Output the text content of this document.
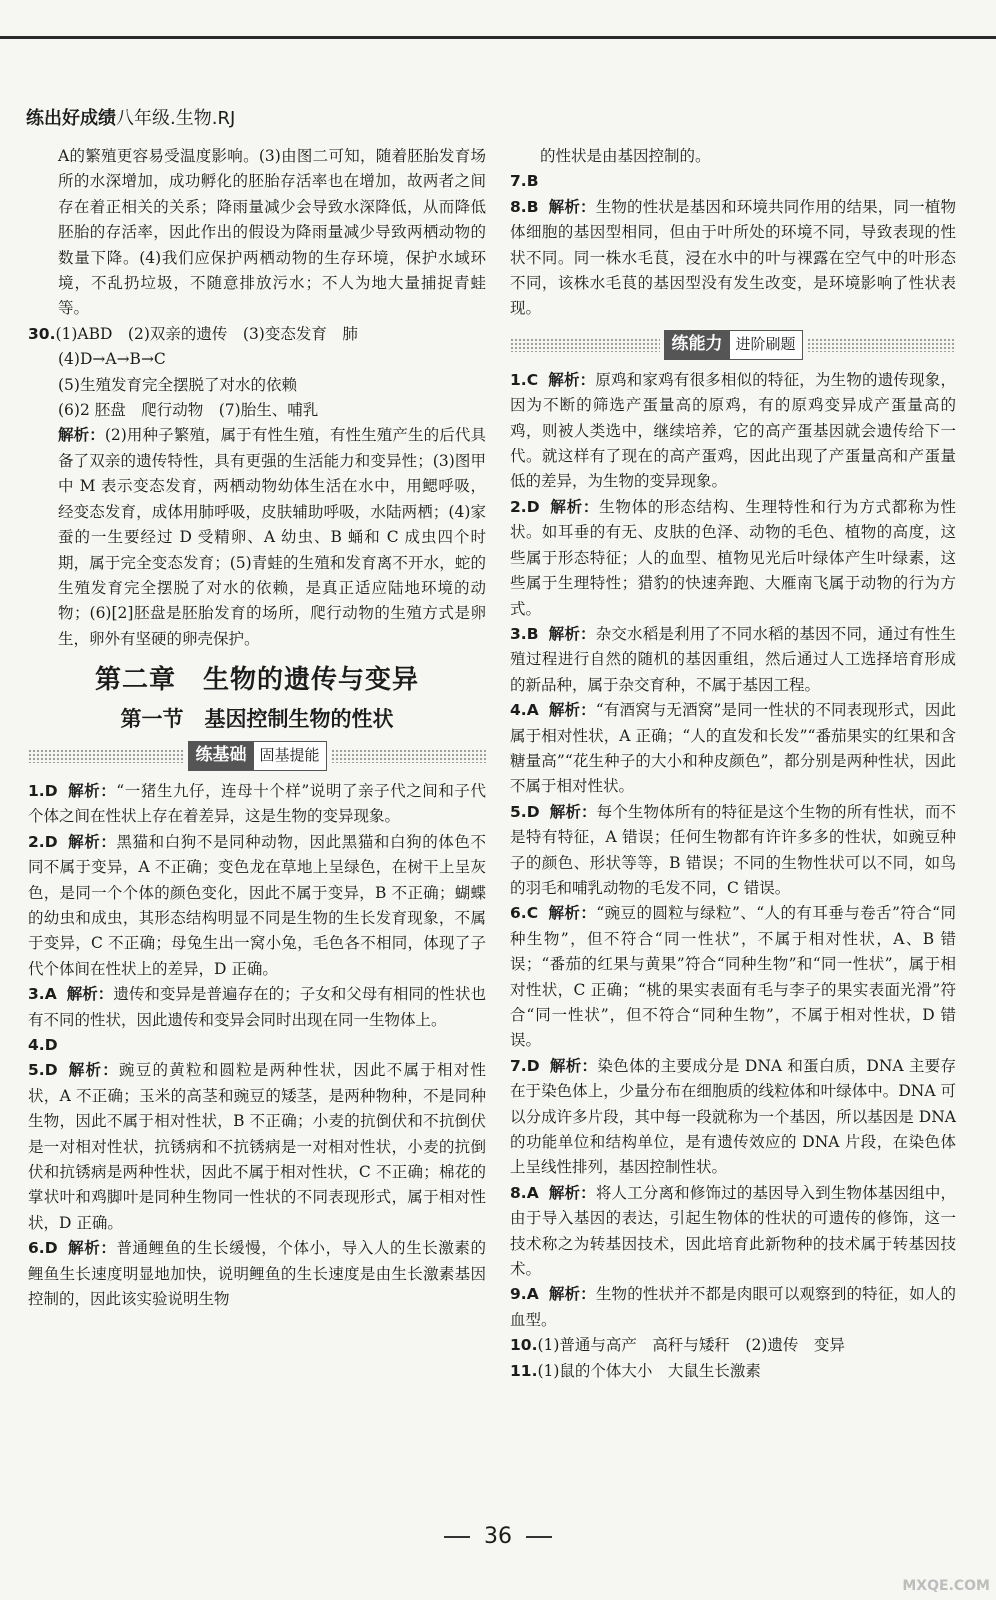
练出好成绩八年级.生物.RJ

A的繁殖更容易受温度影响。(3)由图二可知，随着胚胎发育场所的水深增加，成功孵化的胚胎存活率也在增加，故两者之间存在着正相关的关系；降雨量减少会导致水深降低，从而降低胚胎的存活率，因此作出的假设为降雨量减少导致两栖动物的数量下降。(4)我们应保护两栖动物的生存环境，保护水域环境，不乱扔垃圾，不随意排放污水；不人为地大量捕捉青蛙等。

30.(1)ABD　(2)双亲的遗传　(3)变态发育　肺

(4)D→A→B→C

(5)生殖发育完全摆脱了对水的依赖

(6)2 胚盘　爬行动物　(7)胎生、哺乳

解析：(2)用种子繁殖，属于有性生殖，有性生殖产生的后代具备了双亲的遗传特性，具有更强的生活能力和变异性；(3)图甲中 M 表示变态发育，两栖动物幼体生活在水中，用鳃呼吸，经变态发育，成体用肺呼吸，皮肤辅助呼吸，水陆两栖；(4)家蚕的一生要经过 D 受精卵、A 幼虫、B 蛹和 C 成虫四个时期，属于完全变态发育；(5)青蛙的生殖和发育离不开水，蛇的生殖发育完全摆脱了对水的依赖，是真正适应陆地环境的动物；(6)[2]胚盘是胚胎发育的场所，爬行动物的生殖方式是卵生，卵外有坚硬的卵壳保护。

第二章　生物的遗传与变异
第一节　基因控制生物的性状
练基础 固基提能

1.D 解析：“一猪生九仔，连母十个样”说明了亲子代之间和子代个体之间在性状上存在着差异，这是生物的变异现象。

2.D 解析：黑猫和白狗不是同种动物，因此黑猫和白狗的体色不同不属于变异，A 不正确；变色龙在草地上呈绿色，在树干上呈灰色，是同一个个体的颜色变化，因此不属于变异，B 不正确；蝴蝶的幼虫和成虫，其形态结构明显不同是生物的生长发育现象，不属于变异，C 不正确；母兔生出一窝小兔，毛色各不相同，体现了子代个体间在性状上的差异，D 正确。

3.A 解析：遗传和变异是普遍存在的；子女和父母有相同的性状也有不同的性状，因此遗传和变异会同时出现在同一生物体上。

4.D

5.D 解析：豌豆的黄粒和圆粒是两种性状，因此不属于相对性状，A 不正确；玉米的高茎和豌豆的矮茎，是两种物种，不是同种生物，因此不属于相对性状，B 不正确；小麦的抗倒伏和不抗倒伏是一对相对性状，抗锈病和不抗锈病是一对相对性状，小麦的抗倒伏和抗锈病是两种性状，因此不属于相对性状，C 不正确；棉花的掌状叶和鸡脚叶是同种生物同一性状的不同表现形式，属于相对性状，D 正确。

6.D 解析：普通鲤鱼的生长缓慢，个体小，导入人的生长激素的鲤鱼生长速度明显地加快，说明鲤鱼的生长速度是由生长激素基因控制的，因此该实验说明生物

的性状是由基因控制的。

7.B

8.B 解析：生物的性状是基因和环境共同作用的结果，同一植物体细胞的基因型相同，但由于叶所处的环境不同，导致表现的性状不同。同一株水毛茛，浸在水中的叶与裸露在空气中的叶形态不同，该株水毛茛的基因型没有发生改变，是环境影响了性状表现。

练能力 进阶刷题

1.C 解析：原鸡和家鸡有很多相似的特征，为生物的遗传现象，因为不断的筛选产蛋量高的原鸡，有的原鸡变异成产蛋量高的鸡，则被人类选中，继续培养，它的高产蛋基因就会遗传给下一代。就这样有了现在的高产蛋鸡，因此出现了产蛋量高和产蛋量低的差异，为生物的变异现象。

2.D 解析：生物体的形态结构、生理特性和行为方式都称为性状。如耳垂的有无、皮肤的色泽、动物的毛色、植物的高度，这些属于形态特征；人的血型、植物见光后叶绿体产生叶绿素，这些属于生理特性；猎豹的快速奔跑、大雁南飞属于动物的行为方式。

3.B 解析：杂交水稻是利用了不同水稻的基因不同，通过有性生殖过程进行自然的随机的基因重组，然后通过人工选择培育形成的新品种，属于杂交育种，不属于基因工程。

4.A 解析：“有酒窝与无酒窝”是同一性状的不同表现形式，因此属于相对性状，A 正确；“人的直发和长发”“番茄果实的红果和含糖量高”“花生种子的大小和种皮颜色”，都分别是两种性状，因此不属于相对性状。

5.D 解析：每个生物体所有的特征是这个生物的所有性状，而不是特有特征，A 错误；任何生物都有许许多多的性状，如豌豆种子的颜色、形状等等，B 错误；不同的生物性状可以不同，如鸟的羽毛和哺乳动物的毛发不同，C 错误。

6.C 解析：“豌豆的圆粒与绿粒”、“人的有耳垂与卷舌”符合“同种生物”，但不符合“同一性状”，不属于相对性状，A、B 错误；“番茄的红果与黄果”符合“同种生物”和“同一性状”，属于相对性状，C 正确；“桃的果实表面有毛与李子的果实表面光滑”符合“同一性状”，但不符合“同种生物”，不属于相对性状，D 错误。

7.D 解析：染色体的主要成分是 DNA 和蛋白质，DNA 主要存在于染色体上，少量分布在细胞质的线粒体和叶绿体中。DNA 可以分成许多片段，其中每一段就称为一个基因，所以基因是 DNA 的功能单位和结构单位，是有遗传效应的 DNA 片段，在染色体上呈线性排列，基因控制性状。

8.A 解析：将人工分离和修饰过的基因导入到生物体基因组中，由于导入基因的表达，引起生物体的性状的可遗传的修饰，这一技术称之为转基因技术，因此培育此新物种的技术属于转基因技术。

9.A 解析：生物的性状并不都是肉眼可以观察到的特征，如人的血型。

10.(1)普通与高产　高秆与矮秆　(2)遗传　变异

11.(1)鼠的个体大小　大鼠生长激素

36
MXQE.COM
